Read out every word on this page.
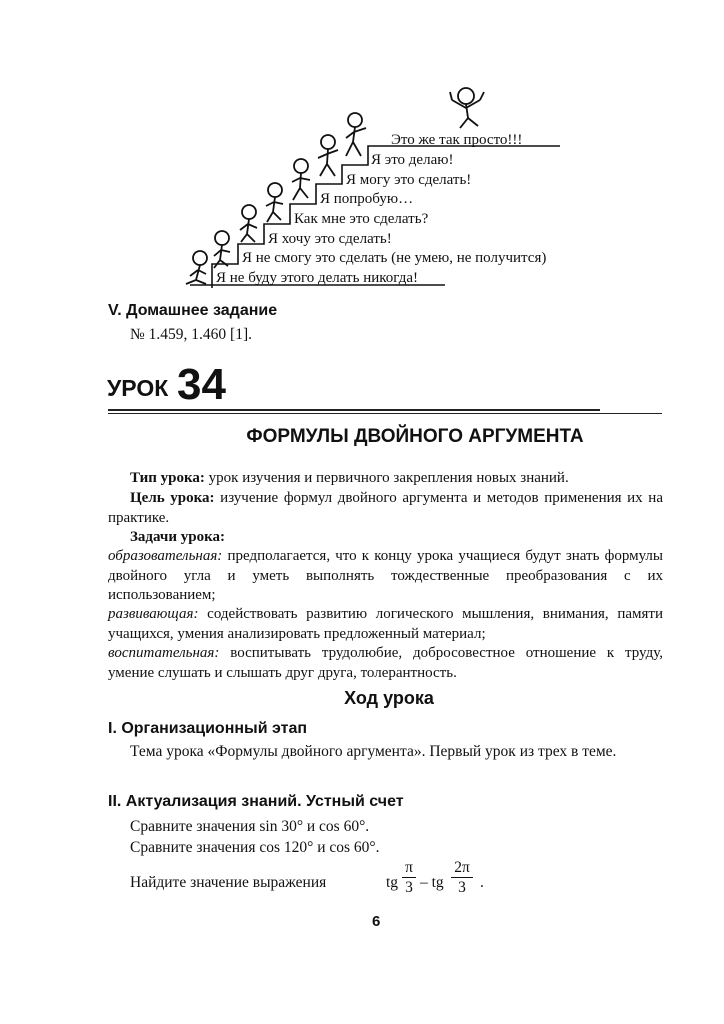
Это же так просто!!!
Я это делаю!
Я могу это сделать!
Я попробую…
Как мне это сделать?
Я хочу это сделать!
Я не смогу это сделать (не умею, не получится)
Я не буду этого делать никогда!
V. Домашнее задание
№ 1.459, 1.460 [1].
УРОК 34
ФОРМУЛЫ ДВОЙНОГО АРГУМЕНТА
Тип урока: урок изучения и первичного закрепления новых знаний.
Цель урока: изучение формул двойного аргумента и методов применения их на практике.
Задачи урока:
образовательная: предполагается, что к концу урока учащиеся будут знать формулы двойного угла и уметь выполнять тождественные преобразования с их использованием;
развивающая: содействовать развитию логического мышления, внимания, памяти учащихся, умения анализировать предложенный материал;
воспитательная: воспитывать трудолюбие, добросовестное отношение к труду, умение слушать и слышать друг друга, толерантность.
Ход урока
I. Организационный этап
Тема урока «Формулы двойного аргумента». Первый урок из трех в теме.
II. Актуализация знаний. Устный счет
Сравните значения sin 30° и cos 60°.
Сравните значения cos 120° и cos 60°.
Найдите значение выражения	tg
π
3 – tg
2π
3 .
6
